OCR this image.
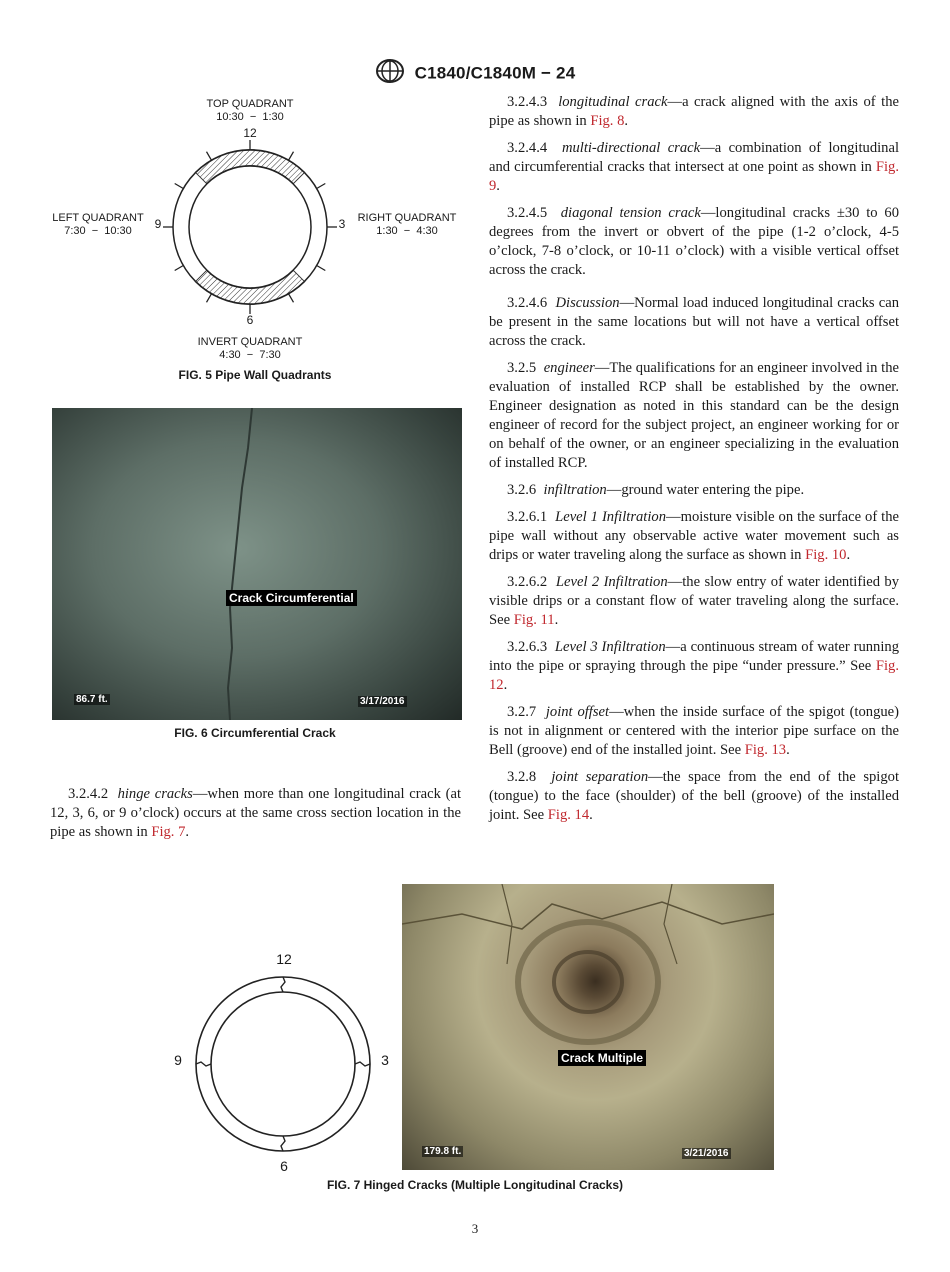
C1840/C1840M − 24
TOP QUADRANT
10:30  −  1:30
LEFT QUADRANT
7:30  −  10:30
RIGHT QUADRANT
1:30  −  4:30
INVERT QUADRANT
4:30  −  7:30
12
6
9	3
FIG. 5 Pipe Wall Quadrants
Crack Circumferential
86.7 ft.	3/17/2016
FIG. 6 Circumferential Crack

3.2.4.2 hinge cracks—when more than one longitudinal crack (at 12, 3, 6, or 9 o’clock) occurs at the same cross section location in the pipe as shown in Fig. 7.

3.2.4.3 longitudinal crack—a crack aligned with the axis of the pipe as shown in Fig. 8.

3.2.4.4 multi-directional crack—a combination of longitudinal and circumferential cracks that intersect at one point as shown in Fig. 9.

3.2.4.5 diagonal tension crack—longitudinal cracks ±30 to 60 degrees from the invert or obvert of the pipe (1-2 o’clock, 4-5 o’clock, 7-8 o’clock, or 10-11 o’clock) with a visible vertical offset across the crack.

3.2.4.6 Discussion—Normal load induced longitudinal cracks can be present in the same locations but will not have a vertical offset across the crack.

3.2.5 engineer—The qualifications for an engineer involved in the evaluation of installed RCP shall be established by the owner. Engineer designation as noted in this standard can be the design engineer of record for the subject project, an engineer working for or on behalf of the owner, or an engineer specializing in the evaluation of installed RCP.

3.2.6 infiltration—ground water entering the pipe.

3.2.6.1 Level 1 Infiltration—moisture visible on the surface of the pipe wall without any observable active water movement such as drips or water traveling along the surface as shown in Fig. 10.

3.2.6.2 Level 2 Infiltration—the slow entry of water identified by visible drips or a constant flow of water traveling along the surface. See Fig. 11.

3.2.6.3 Level 3 Infiltration—a continuous stream of water running into the pipe or spraying through the pipe “under pressure.” See Fig. 12.

3.2.7 joint offset—when the inside surface of the spigot (tongue) is not in alignment or centered with the interior pipe surface on the Bell (groove) end of the installed joint. See Fig. 13.

3.2.8 joint separation—the space from the end of the spigot (tongue) to the face (shoulder) of the bell (groove) of the installed joint. See Fig. 14.

12
6
9	3	Crack Multiple
179.8 ft.	3/21/2016
FIG. 7 Hinged Cracks (Multiple Longitudinal Cracks)
3
